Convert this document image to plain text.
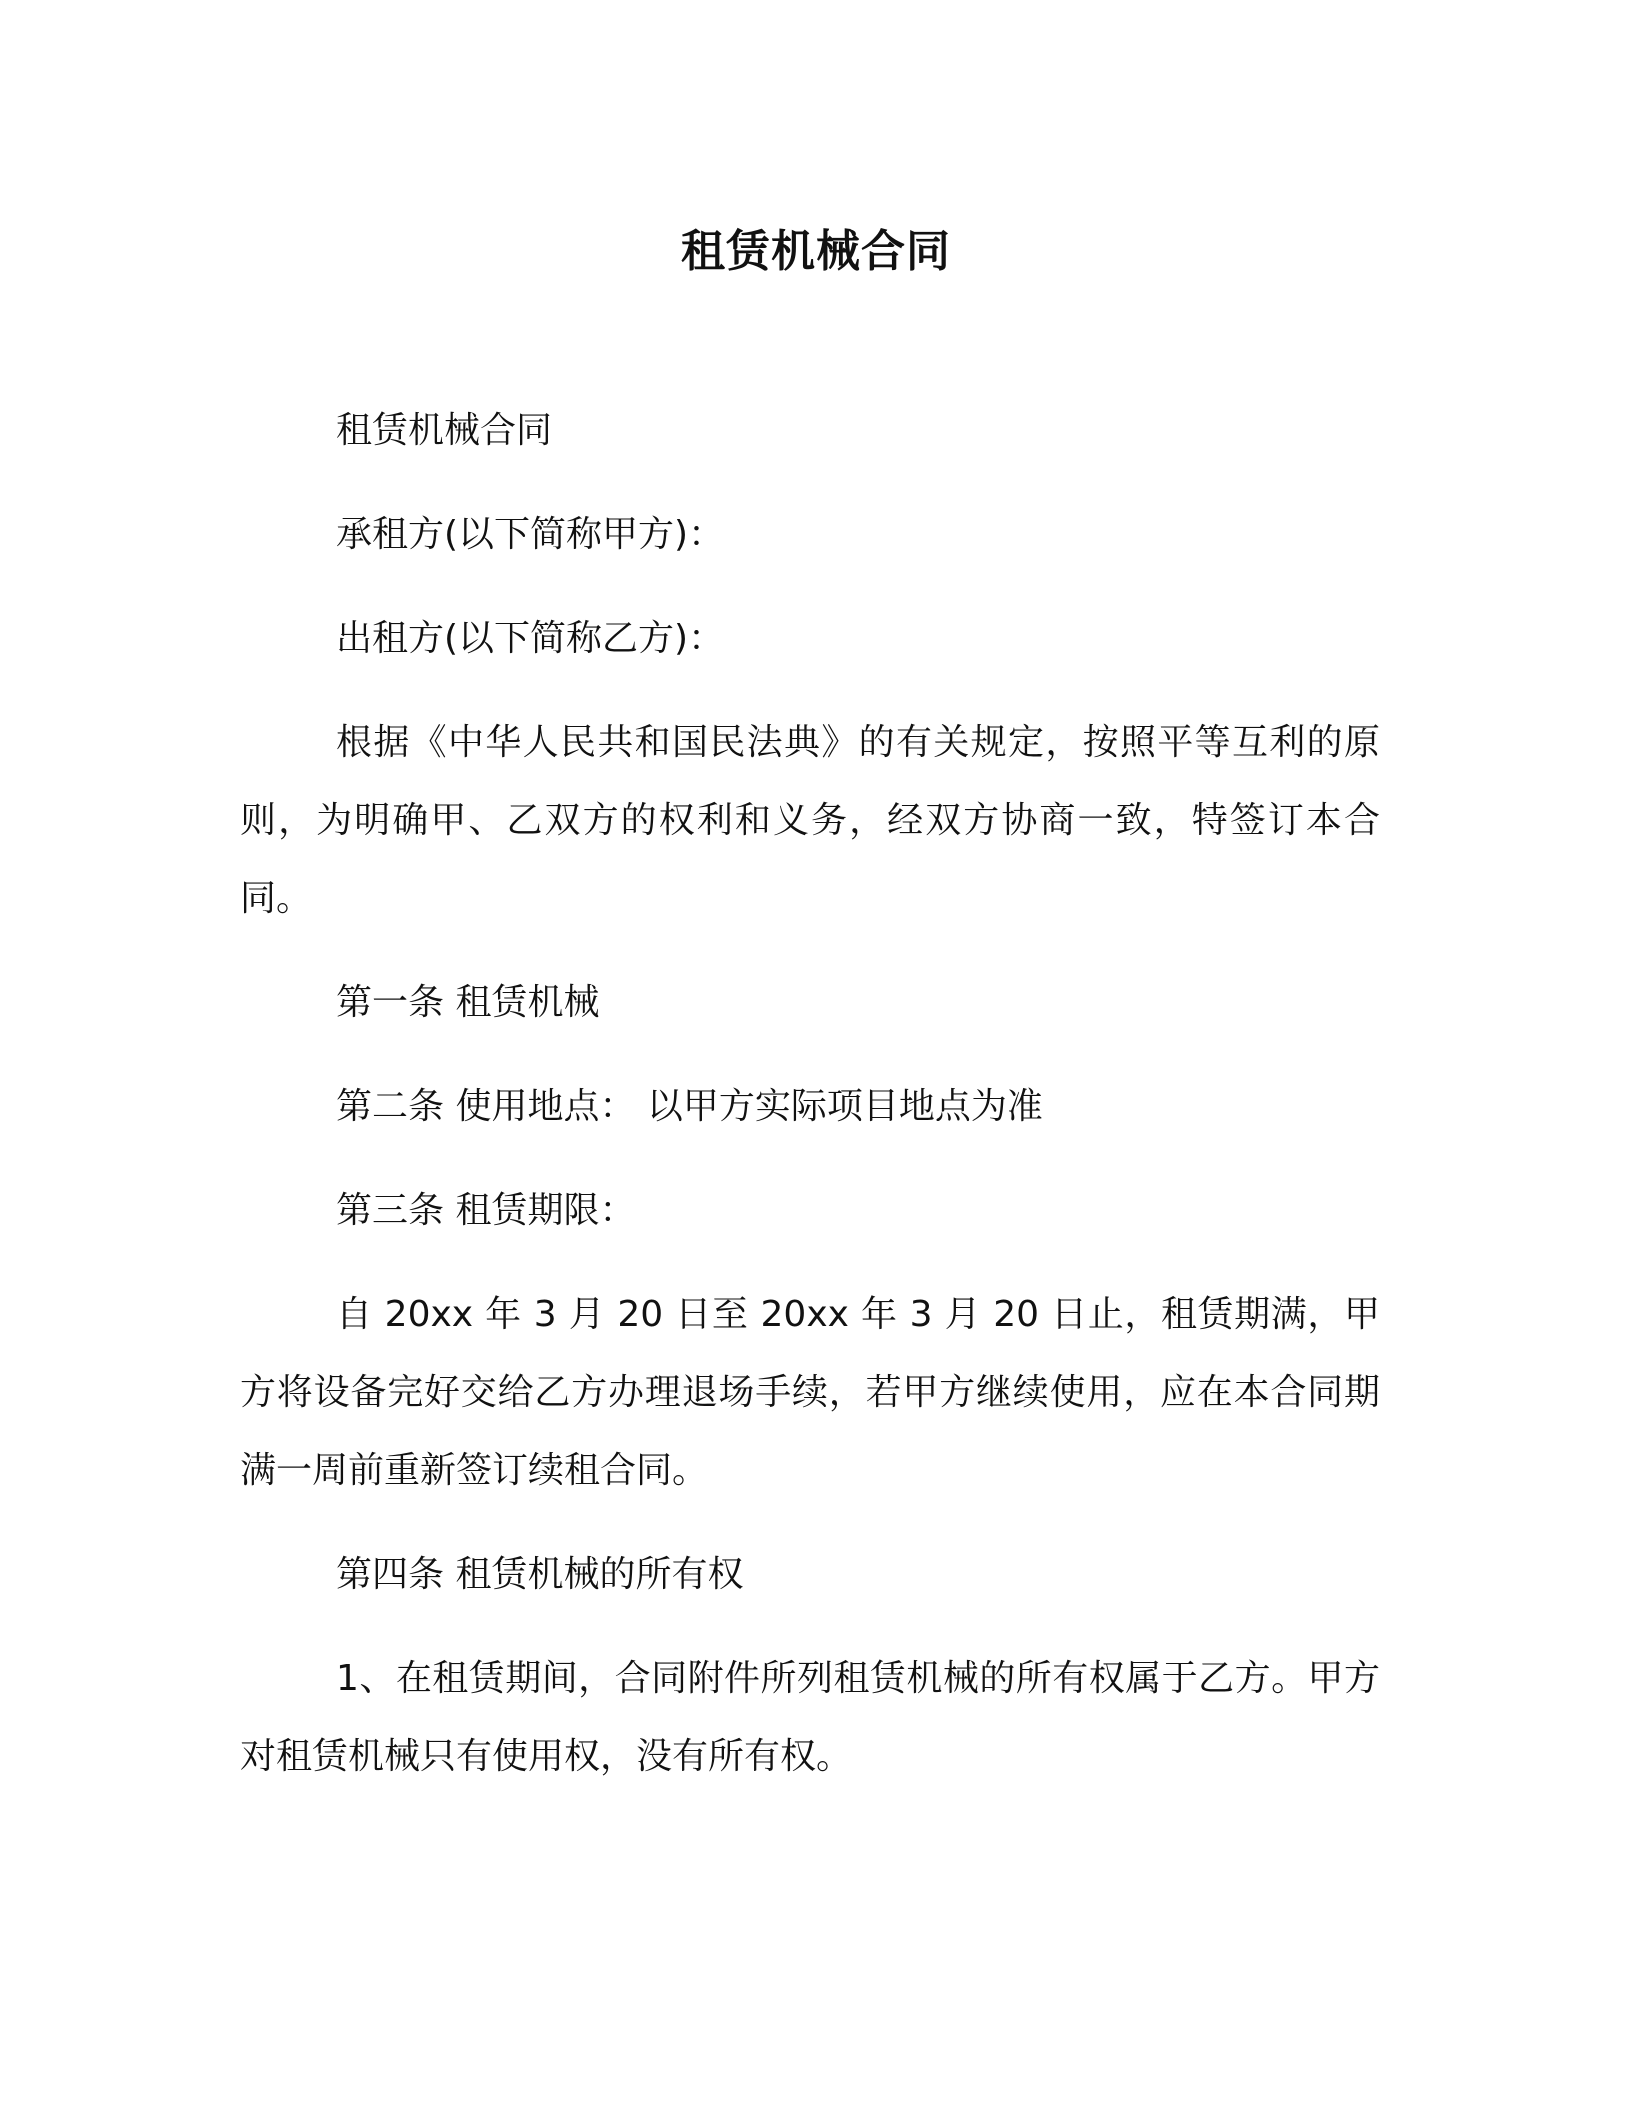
租赁机械合同

租赁机械合同

承租方(以下简称甲方)：

出租方(以下简称乙方)：

根据《中华人民共和国民法典》的有关规定，按照平等互利的原则，为明确甲、乙双方的权利和义务，经双方协商一致，特签订本合同。

第一条 租赁机械

第二条 使用地点： 以甲方实际项目地点为准

第三条 租赁期限：

自 20xx 年 3 月 20 日至 20xx 年 3 月 20 日止，租赁期满，甲方将设备完好交给乙方办理退场手续，若甲方继续使用，应在本合同期满一周前重新签订续租合同。

第四条 租赁机械的所有权

1、在租赁期间，合同附件所列租赁机械的所有权属于乙方。甲方对租赁机械只有使用权，没有所有权。
